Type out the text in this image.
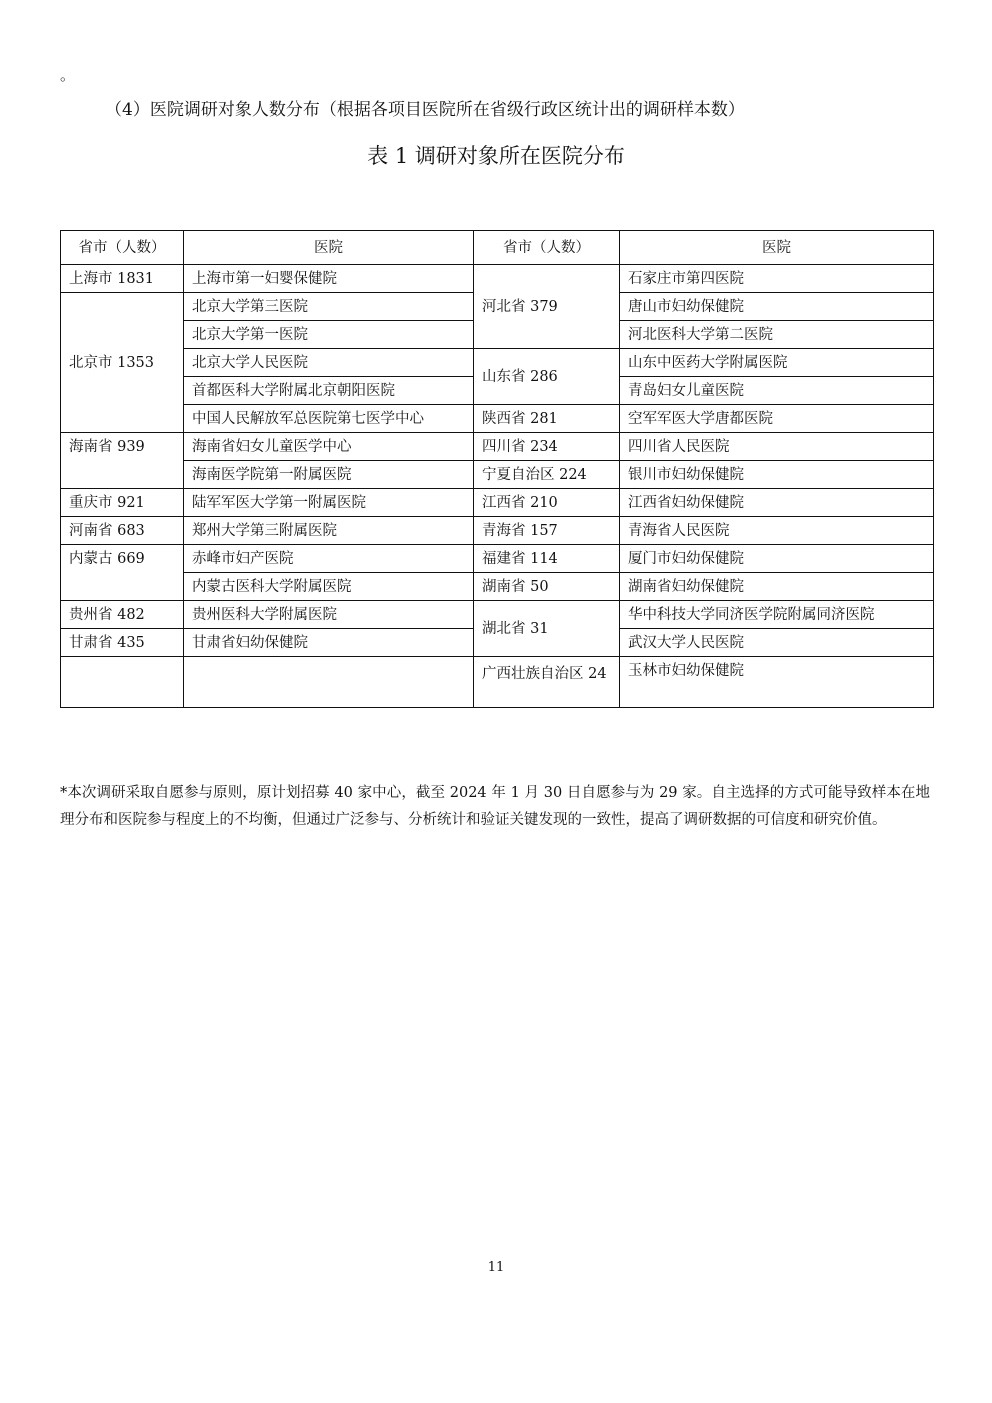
。
（4）医院调研对象人数分布（根据各项目医院所在省级行政区统计出的调研样本数）
表 1 调研对象所在医院分布
省市（人数）	医院	省市（人数）	医院
上海市 1831	上海市第一妇婴保健院	河北省 379	石家庄市第四医院
北京市 1353	北京大学第三医院		唐山市妇幼保健院
	北京大学第一医院		河北医科大学第二医院
	北京大学人民医院	山东省 286	山东中医药大学附属医院
	首都医科大学附属北京朝阳医院		青岛妇女儿童医院
	中国人民解放军总医院第七医学中心	陕西省 281	空军军医大学唐都医院
海南省 939	海南省妇女儿童医学中心	四川省 234	四川省人民医院
	海南医学院第一附属医院	宁夏自治区 224	银川市妇幼保健院
重庆市 921	陆军军医大学第一附属医院	江西省 210	江西省妇幼保健院
河南省 683	郑州大学第三附属医院	青海省 157	青海省人民医院
内蒙古 669	赤峰市妇产医院	福建省 114	厦门市妇幼保健院
	内蒙古医科大学附属医院	湖南省 50	湖南省妇幼保健院
贵州省 482	贵州医科大学附属医院	湖北省 31	华中科技大学同济医学院附属同济医院
甘肃省 435	甘肃省妇幼保健院		武汉大学人民医院
		广西壮族自治区 24	玉林市妇幼保健院

*本次调研采取自愿参与原则，原计划招募 40 家中心，截至 2024 年 1 月 30 日自愿参与为 29 家。自主选择的方式可能导致样本在地理分布和医院参与程度上的不均衡，但通过广泛参与、分析统计和验证关键发现的一致性，提高了调研数据的可信度和研究价值。

11
